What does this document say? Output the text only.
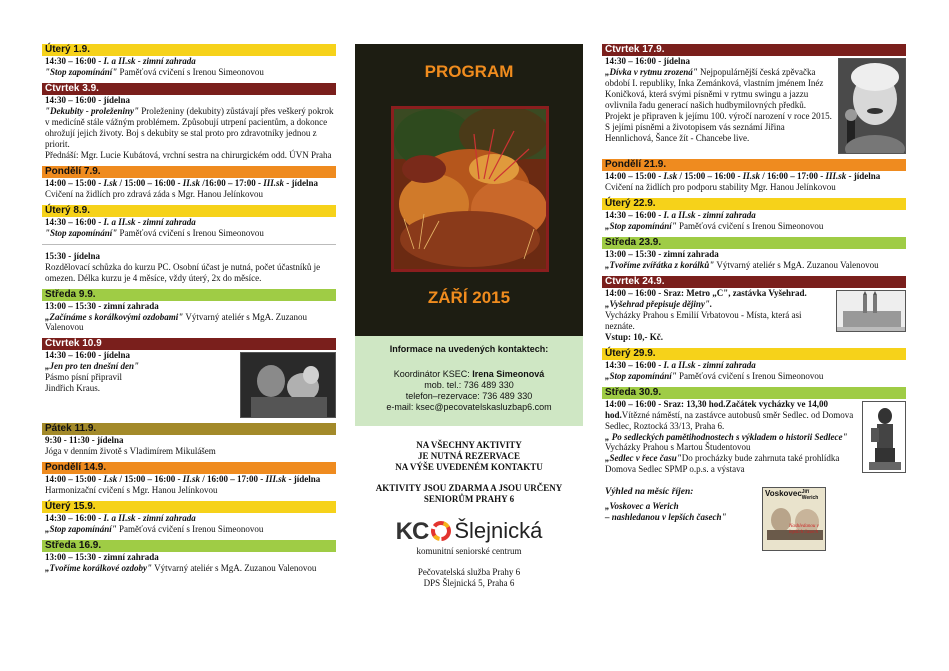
Úterý 1.9.

14:30 – 16:00 - I. a II.sk - zimní zahrada

"Stop zapomínání" Paměťová cvičení s Irenou Simeonovou

Čtvrtek 3.9.

14:30 – 16:00 - jídelna

"Dekubity - proleženiny" Proleženiny (dekubity) zůstávají přes veškerý pokrok v medicíně stále vážným problémem. Způsobují utrpení pacientům, a dokonce ohrožují jejich životy. Boj s dekubity se stal proto pro zdravotníky jednou z priorit.

Přednáší: Mgr. Lucie Kubátová, vrchní sestra na chirurgickém odd. ÚVN Praha

Pondělí 7.9.

14:00 – 15:00 - I.sk / 15:00 – 16:00 - II.sk /16:00 – 17:00 - III.sk - jídelna

Cvičení na židlích pro zdravá záda s Mgr. Hanou Jelínkovou

Úterý 8.9.

14:30 – 16:00 - I. a II.sk - zimní zahrada

"Stop zapomínání" Paměťová cvičení s Irenou Simeonovou

15:30 - jídelna

Rozdělovací schůzka do kurzu PC. Osobní účast je nutná, počet účastníků je omezen. Délka kurzu je 4 měsíce, vždy úterý, 2x do měsíce.

Středa 9.9.

13:00 – 15:30 - zimní zahrada

„Začínáme s korálkovými ozdobami" Výtvarný ateliér s MgA. Zuzanou Valenovou

Čtvrtek 10.9

14:30 – 16:00 - jídelna

„Jen pro ten dnešní den"

Pásmo písní připravil

Jindřich Kraus.

Pátek 11.9.

9:30 - 11:30 - jídelna

Jóga v denním životě s Vladimírem Mikulášem

Pondělí 14.9.

14:00 – 15:00 - I.sk / 15:00 – 16:00 - II.sk / 16:00 – 17:00 - III.sk - jídelna

Harmonizační cvičení s Mgr. Hanou Jelínkovou

Úterý 15.9.

14:30 – 16:00 - I. a II.sk - zimní zahrada

„Stop zapomínání" Paměťová cvičení s Irenou Simeonovou

Středa 16.9.

13:00 – 15:30 - zimní zahrada

„Tvoříme korálkové ozdoby" Výtvarný ateliér s MgA. Zuzanou Valenovou

PROGRAM
ZÁŘÍ 2015

Informace na uvedených kontaktech:

Koordinátor KSEC: Irena Simeonová

mob. tel.: 736 489 330

telefon–rezervace: 736 489 330

e-mail: ksec@pecovatelskasluzbap6.com

NA VŠECHNY AKTIVITY

JE NUTNÁ REZERVACE

NA VÝŠE UVEDENÉM KONTAKTU

AKTIVITY JSOU ZDARMA A JSOU URČENY

SENIORŮM PRAHY 6

KC Šlejnická
komunitní seniorské centrum

Pečovatelská služba Prahy 6

DPS Šlejnická 5, Praha 6

Čtvrtek 17.9.

14:30 – 16:00 - jídelna

„Dívka v rytmu zrozená" Nejpopulárnější česká zpěvačka období I. republiky, Inka Zemánková, vlastním jménem Inéz Koničková, která svými písněmi v rytmu swingu a jazzu ovlivnila řadu generací našich hudbymilovných předků. Projekt je připraven k jejímu 100. výročí narození v roce 2015.

S jejími písněmi a životopisem vás seznámí Jiřina Hennlichová, Šance žít - Chancebe live.

Pondělí 21.9.

14:00 – 15:00 - I.sk / 15:00 – 16:00 - II.sk / 16:00 – 17:00 - III.sk - jídelna

Cvičení na židlích pro podporu stability Mgr. Hanou Jelínkovou

Úterý 22.9.

14:30 – 16:00 - I. a II.sk - zimní zahrada

„Stop zapomínání" Paměťová cvičení s Irenou Simeonovou

Středa 23.9.

13:00 – 15:30 - zimní zahrada

„Tvoříme zvířátka z korálků" Výtvarný ateliér s MgA. Zuzanou Valenovou

Čtvrtek 24.9.

14:00 – 16:00 - Sraz: Metro „C", zastávka Vyšehrad.

„Vyšehrad přepisuje dějiny".

Vycházky Prahou s Emilií Vrbatovou - Místa, která asi neznáte.

Vstup: 10,- Kč.

Úterý 29.9.

14:30 – 16:00 - I. a II.sk - zimní zahrada

„Stop zapomínání" Paměťová cvičení s Irenou Simeonovou

Středa 30.9.

14:00 – 16:00 - Sraz: 13,30 hod.Začátek vycházky ve 14,00 hod.Vítězné náměstí, na zastávce autobusů směr Sedlec. od Domova Sedlec, Roztocká 33/13, Praha 6.

„ Po sedleckých pamětihodnostech s výkladem o historii Sedlece"

Vycházky Prahou s Martou Študentovou

„Sedlec v řece času"Do procházky bude zahrnuta také prohlídka Domova Sedlec SPMP o.p.s. a výstava

Výhled na měsíc říjen:

„Voskovec a Werich

– nashledanou v lepších časech"

Voskovec Jiří Werich
Nashledanou v lepších časech
